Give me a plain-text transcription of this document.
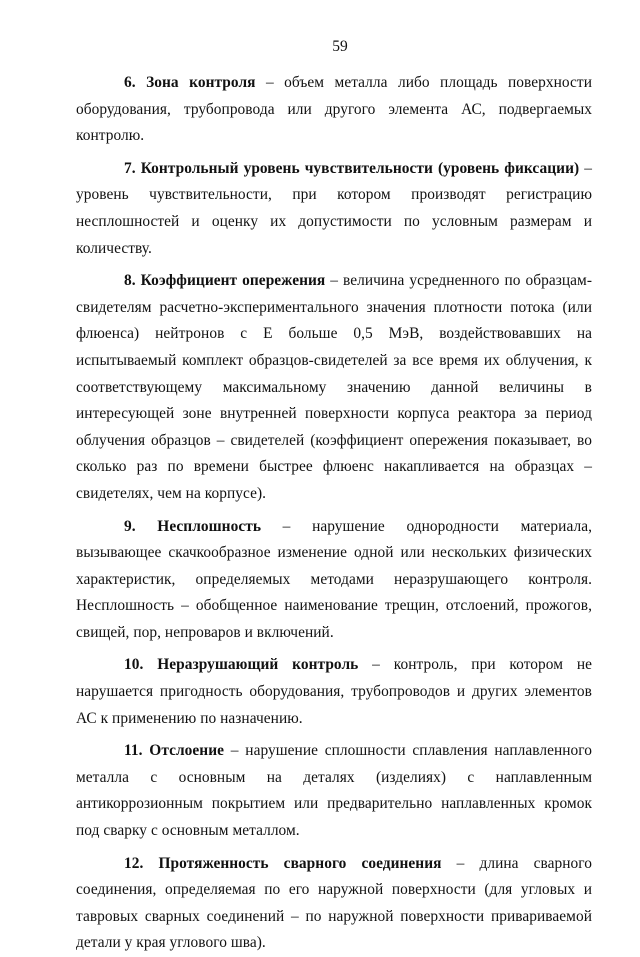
59

6. Зона контроля – объем металла либо площадь поверхности оборудования, трубопровода или другого элемента АС, подвергаемых контролю.

7. Контрольный уровень чувствительности (уровень фиксации) – уровень чувствительности, при котором производят регистрацию несплошностей и оценку их допустимости по условным размерам и количеству.

8. Коэффициент опережения – величина усредненного по образцам-свидетелям расчетно-экспериментального значения плотности потока (или флюенса) нейтронов с Е больше 0,5 МэВ, воздействовавших на испытываемый комплект образцов-свидетелей за все время их облучения, к соответствующему максимальному значению данной величины в интересующей зоне внутренней поверхности корпуса реактора за период облучения образцов – свидетелей (коэффициент опережения показывает, во сколько раз по времени быстрее флюенс накапливается на образцах – свидетелях, чем на корпусе).

9. Несплошность – нарушение однородности материала, вызывающее скачкообразное изменение одной или нескольких физических характеристик, определяемых методами неразрушающего контроля. Несплошность – обобщенное наименование трещин, отслоений, прожогов, свищей, пор, непроваров и включений.

10. Неразрушающий контроль – контроль, при котором не нарушается пригодность оборудования, трубопроводов и других элементов АС к применению по назначению.

11. Отслоение – нарушение сплошности сплавления наплавленного металла с основным на деталях (изделиях) с наплавленным антикоррозионным покрытием или предварительно наплавленных кромок под сварку с основным металлом.

12. Протяженность сварного соединения – длина сварного соединения, определяемая по его наружной поверхности (для угловых и тавровых сварных соединений – по наружной поверхности привариваемой детали у края углового шва).
